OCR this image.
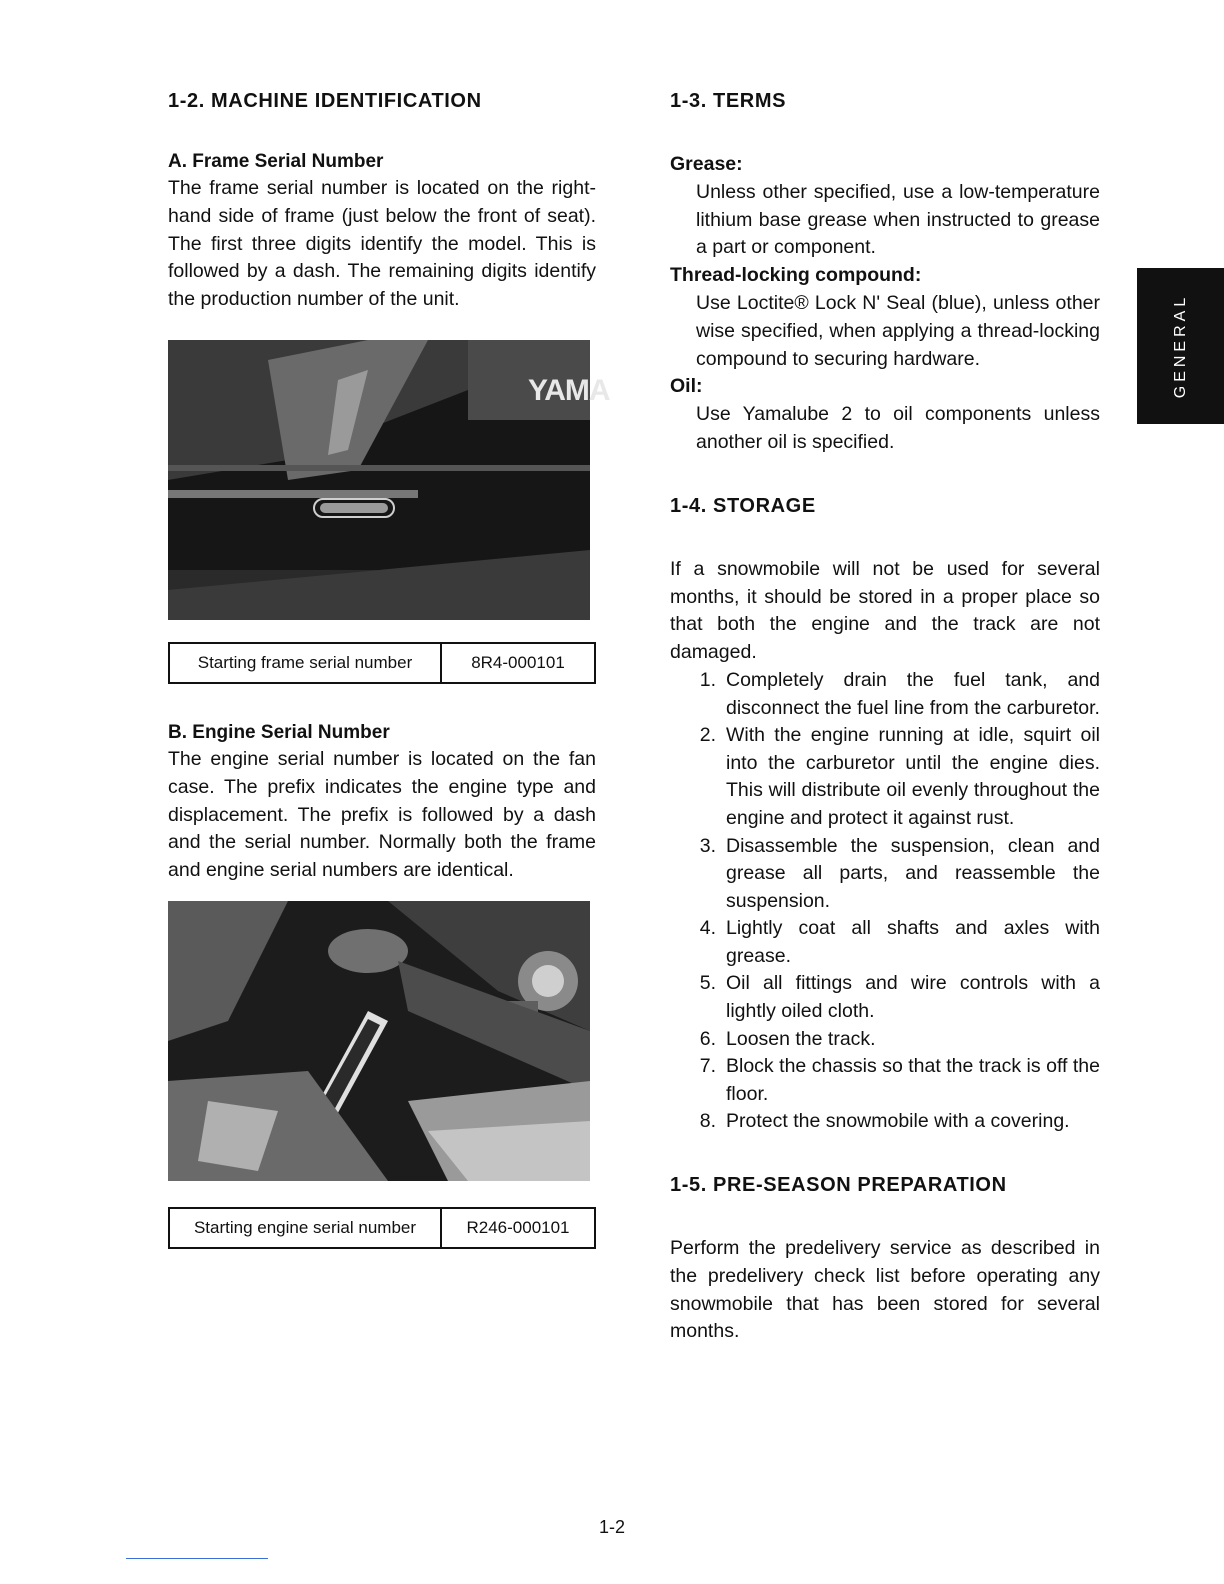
1-2. MACHINE IDENTIFICATION
A. Frame Serial Number

The frame serial number is located on the right-hand side of frame (just below the front of seat). The first three digits identify the model. This is followed by a dash. The remaining digits identify the production number of the unit.

YAMA
Starting frame serial number	8R4-000101
B. Engine Serial Number

The engine serial number is located on the fan case. The prefix indicates the engine type and displacement. The prefix is followed by a dash and the serial number. Normally both the frame and engine serial numbers are identical.

Starting engine serial number	R246-000101
1-3. TERMS
Grease:

Unless other specified, use a low-temperature lithium base grease when instructed to grease a part or component.

Thread-locking compound:

Use Loctite® Lock N' Seal (blue), unless other wise specified, when applying a thread-locking compound to securing hardware.

Oil:

Use Yamalube 2 to oil components unless another oil is specified.

1-4. STORAGE

If a snowmobile will not be used for several months, it should be stored in a proper place so that both the engine and the track are not damaged.

1. Completely drain the fuel tank, and disconnect the fuel line from the carburetor.
2. With the engine running at idle, squirt oil into the carburetor until the engine dies. This will distribute oil evenly throughout the engine and protect it against rust.
3. Disassemble the suspension, clean and grease all parts, and reassemble the suspension.
4. Lightly coat all shafts and axles with grease.
5. Oil all fittings and wire controls with a lightly oiled cloth.
6. Loosen the track.
7. Block the chassis so that the track is off the floor.
8. Protect the snowmobile with a covering.
1-5. PRE-SEASON PREPARATION

Perform the predelivery service as described in the predelivery check list before operating any snowmobile that has been stored for several months.

GENERAL
1-2
